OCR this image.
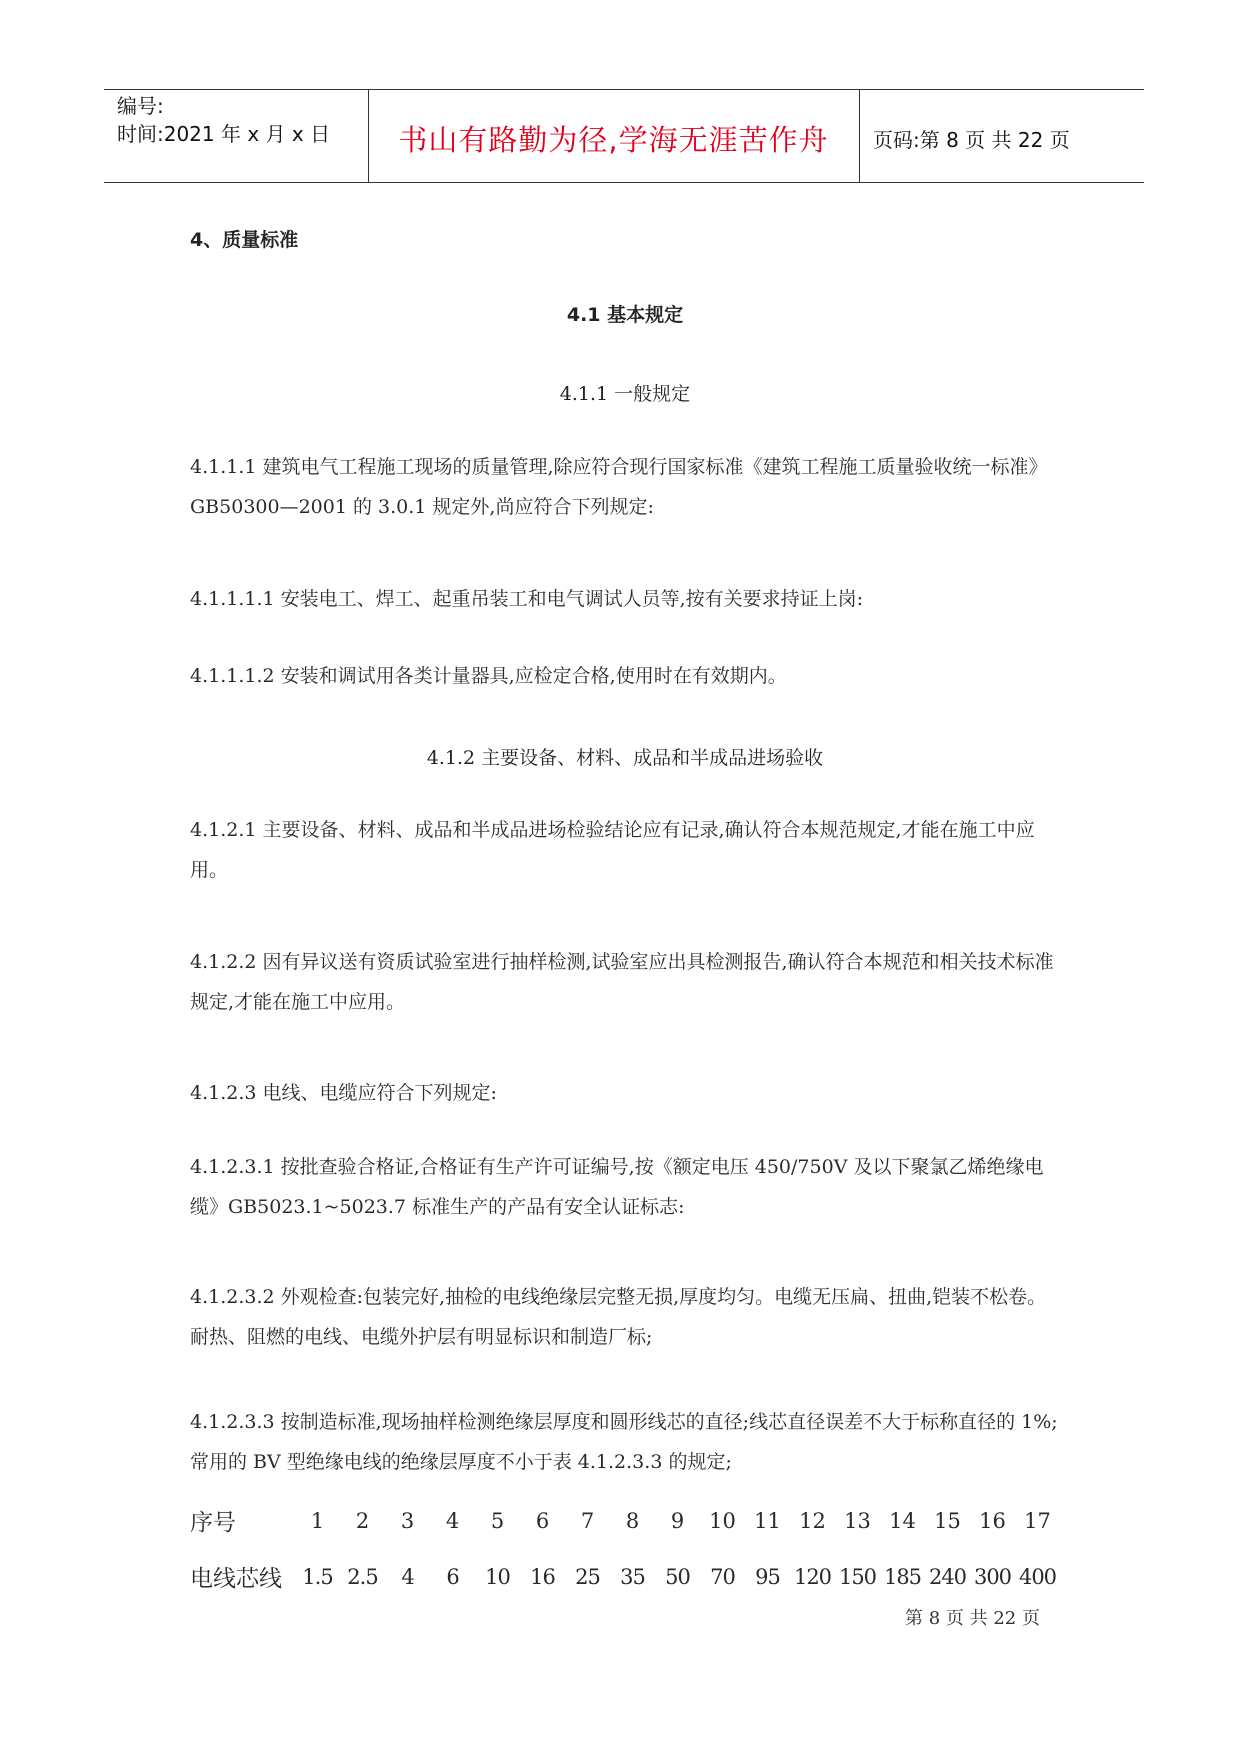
编号:
时间:2021 年 x 月 x 日	书山有路勤为径,学海无涯苦作舟	页码:第 8 页 共 22 页
4、质量标准
4.1 基本规定
4.1.1 一般规定
4.1.1.1 建筑电气工程施工现场的质量管理,除应符合现行国家标准《建筑工程施工质量验收统一标准》GB50300—2001 的 3.0.1 规定外,尚应符合下列规定:
4.1.1.1.1 安装电工、焊工、起重吊装工和电气调试人员等,按有关要求持证上岗:
4.1.1.1.2 安装和调试用各类计量器具,应检定合格,使用时在有效期内。
4.1.2 主要设备、材料、成品和半成品进场验收
4.1.2.1 主要设备、材料、成品和半成品进场检验结论应有记录,确认符合本规范规定,才能在施工中应用。
4.1.2.2 因有异议送有资质试验室进行抽样检测,试验室应出具检测报告,确认符合本规范和相关技术标准规定,才能在施工中应用。
4.1.2.3 电线、电缆应符合下列规定:
4.1.2.3.1 按批查验合格证,合格证有生产许可证编号,按《额定电压 450/750V 及以下聚氯乙烯绝缘电缆》GB5023.1~5023.7 标准生产的产品有安全认证标志:
4.1.2.3.2 外观检查:包装完好,抽检的电线绝缘层完整无损,厚度均匀。电缆无压扁、扭曲,铠装不松卷。耐热、阻燃的电线、电缆外护层有明显标识和制造厂标;
4.1.2.3.3 按制造标准,现场抽样检测绝缘层厚度和圆形线芯的直径;线芯直径误差不大于标称直径的 1%;常用的 BV 型绝缘电线的绝缘层厚度不小于表 4.1.2.3.3 的规定;
序号	1	2	3	4	5	6	7	8	9	10 11 12 13 14 15 16 17
电线芯线 1.5 2.5	4	6	10 16 25 35 50 70 95 120 150 185 240 300 400
第 8 页 共 22 页
